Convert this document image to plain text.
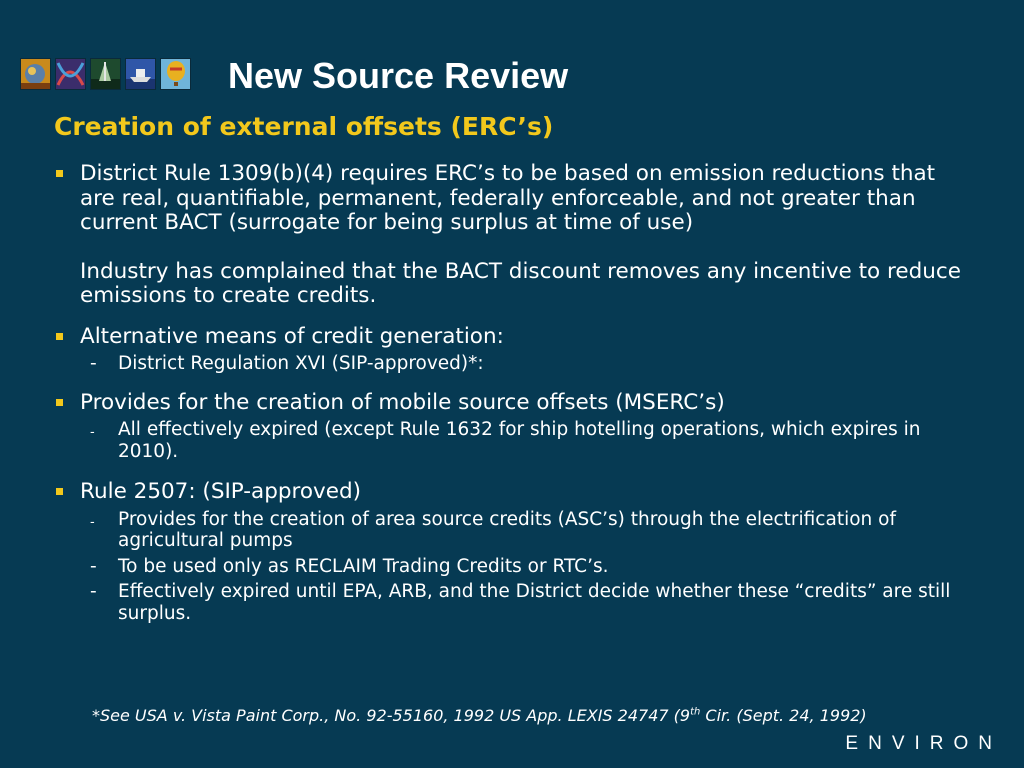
New Source Review
Creation of external offsets (ERC’s)
District Rule 1309(b)(4) requires ERC’s to be based on emission reductions that are real, quantifiable, permanent, federally enforceable, and not greater than current BACT (surrogate for being surplus at time of use)
Industry has complained that the BACT discount removes any incentive to reduce emissions to create credits.
Alternative means of credit generation:
- District Regulation XVI (SIP-approved)*:
Provides for the creation of mobile source offsets (MSERC’s)
- All effectively expired (except Rule 1632 for ship hotelling operations, which expires in 2010).
Rule 2507: (SIP-approved)
- Provides for the creation of area source credits (ASC’s) through the electrification of agricultural pumps
- To be used only as RECLAIM Trading Credits or RTC’s.
- Effectively expired until EPA, ARB, and the District decide whether these “credits” are still surplus.
*See USA v. Vista Paint Corp., No. 92-55160, 1992 US App. LEXIS 24747 (9th Cir. (Sept. 24, 1992)
ENVIRON
